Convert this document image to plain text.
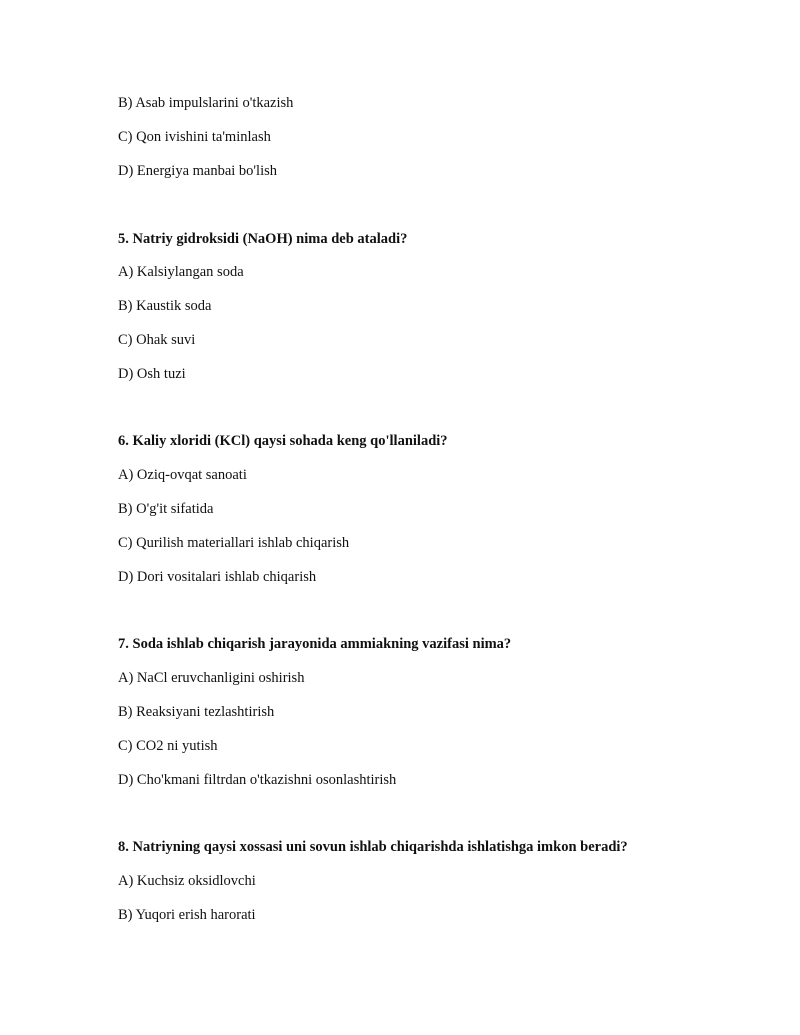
B) Asab impulslarini o'tkazish
C) Qon ivishini ta'minlash
D) Energiya manbai bo'lish
5. Natriy gidroksidi (NaOH) nima deb ataladi?
A) Kalsiylangan soda
B) Kaustik soda
C) Ohak suvi
D) Osh tuzi
6. Kaliy xloridi (KCl) qaysi sohada keng qo'llaniladi?
A) Oziq-ovqat sanoati
B) O'g'it sifatida
C) Qurilish materiallari ishlab chiqarish
D) Dori vositalari ishlab chiqarish
7. Soda ishlab chiqarish jarayonida ammiakning vazifasi nima?
A) NaCl eruvchanligini oshirish
B) Reaksiyani tezlashtirish
C) CO2 ni yutish
D) Cho'kmani filtrdan o'tkazishni osonlashtirish
8. Natriyning qaysi xossasi uni sovun ishlab chiqarishda ishlatishga imkon beradi?
A) Kuchsiz oksidlovchi
B) Yuqori erish harorati
